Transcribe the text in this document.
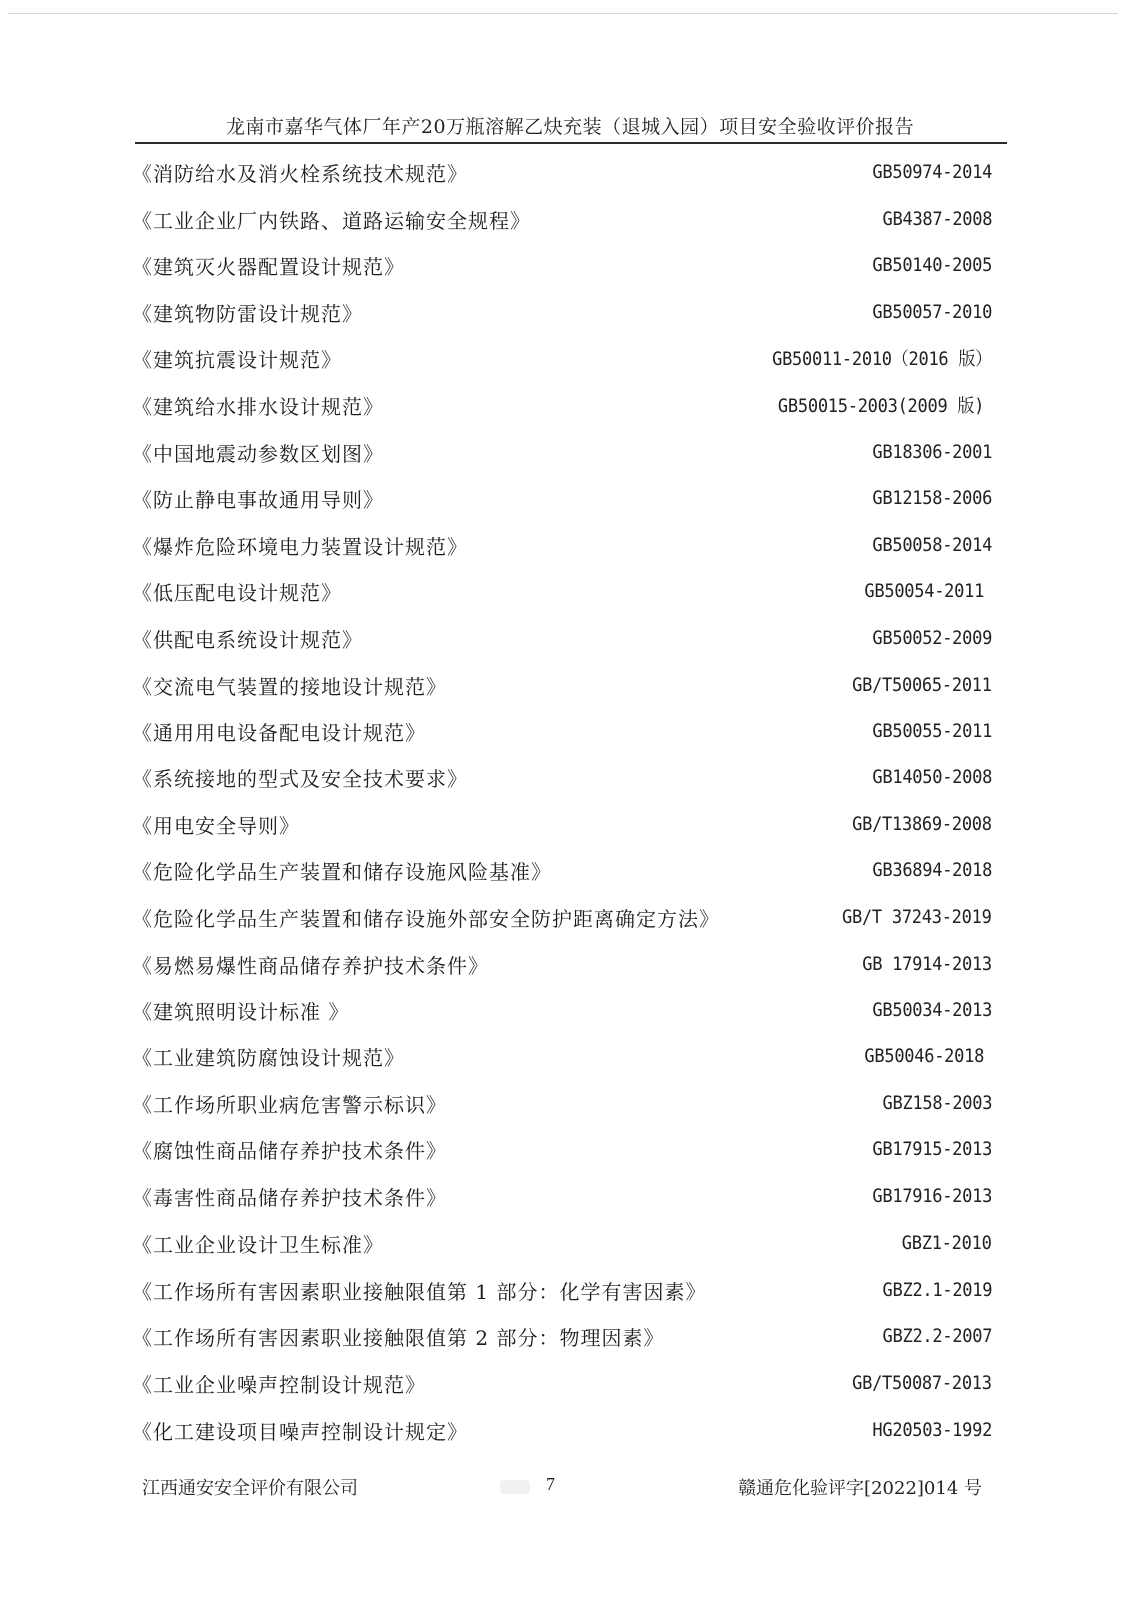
龙南市嘉华气体厂年产20万瓶溶解乙炔充装（退城入园）项目安全验收评价报告
《消防给水及消火栓系统技术规范》	GB50974-2014
《工业企业厂内铁路、道路运输安全规程》	GB4387-2008
《建筑灭火器配置设计规范》	GB50140-2005
《建筑物防雷设计规范》	GB50057-2010
《建筑抗震设计规范》	GB50011-2010（2016 版）
《建筑给水排水设计规范》	GB50015-2003(2009 版)
《中国地震动参数区划图》	GB18306-2001
《防止静电事故通用导则》	GB12158-2006
《爆炸危险环境电力装置设计规范》	GB50058-2014
《低压配电设计规范》	GB50054-2011
《供配电系统设计规范》	GB50052-2009
《交流电气装置的接地设计规范》	GB/T50065-2011
《通用用电设备配电设计规范》	GB50055-2011
《系统接地的型式及安全技术要求》	GB14050-2008
《用电安全导则》	GB/T13869-2008
《危险化学品生产装置和储存设施风险基准》	GB36894-2018
《危险化学品生产装置和储存设施外部安全防护距离确定方法》	GB/T 37243-2019
《易燃易爆性商品储存养护技术条件》	GB 17914-2013
《建筑照明设计标准 》	GB50034-2013
《工业建筑防腐蚀设计规范》	GB50046-2018
《工作场所职业病危害警示标识》	GBZ158-2003
《腐蚀性商品储存养护技术条件》	GB17915-2013
《毒害性商品储存养护技术条件》	GB17916-2013
《工业企业设计卫生标准》	GBZ1-2010
《工作场所有害因素职业接触限值第 1 部分：化学有害因素》	GBZ2.1-2019
《工作场所有害因素职业接触限值第 2 部分：物理因素》	GBZ2.2-2007
《工业企业噪声控制设计规范》	GB/T50087-2013
《化工建设项目噪声控制设计规定》	HG20503-1992
江西通安安全评价有限公司	7	赣通危化验评字[2022]014 号
